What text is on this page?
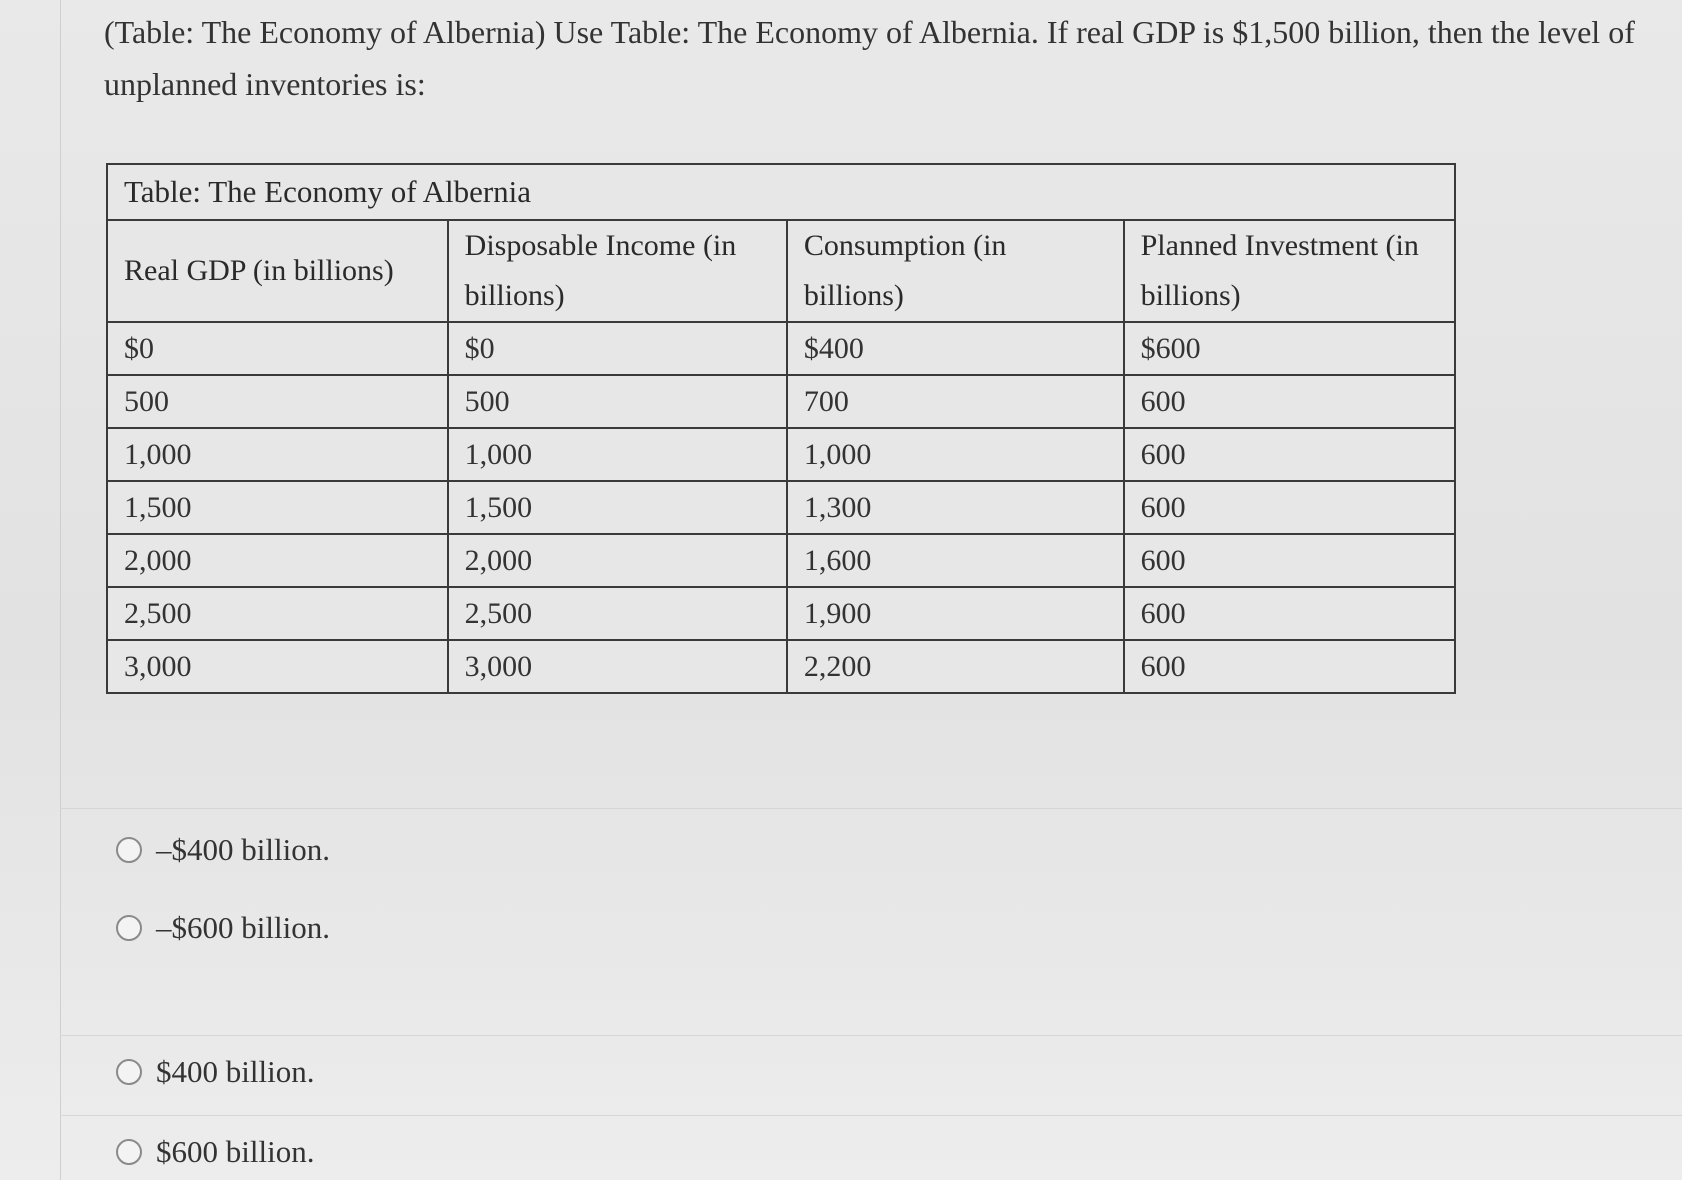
(Table: The Economy of Albernia) Use Table: The Economy of Albernia. If real GDP is $1,500 billion, then the level of unplanned inventories is:
Table: The Economy of Albernia			
Real GDP (in billions)	Disposable Income (in billions)	Consumption (in billions)	Planned Investment (in billions)
$0	$0	$400	$600
500	500	700	600
1,000	1,000	1,000	600
1,500	1,500	1,300	600
2,000	2,000	1,600	600
2,500	2,500	1,900	600
3,000	3,000	2,200	600
–$400 billion.
–$600 billion.
$400 billion.
$600 billion.
